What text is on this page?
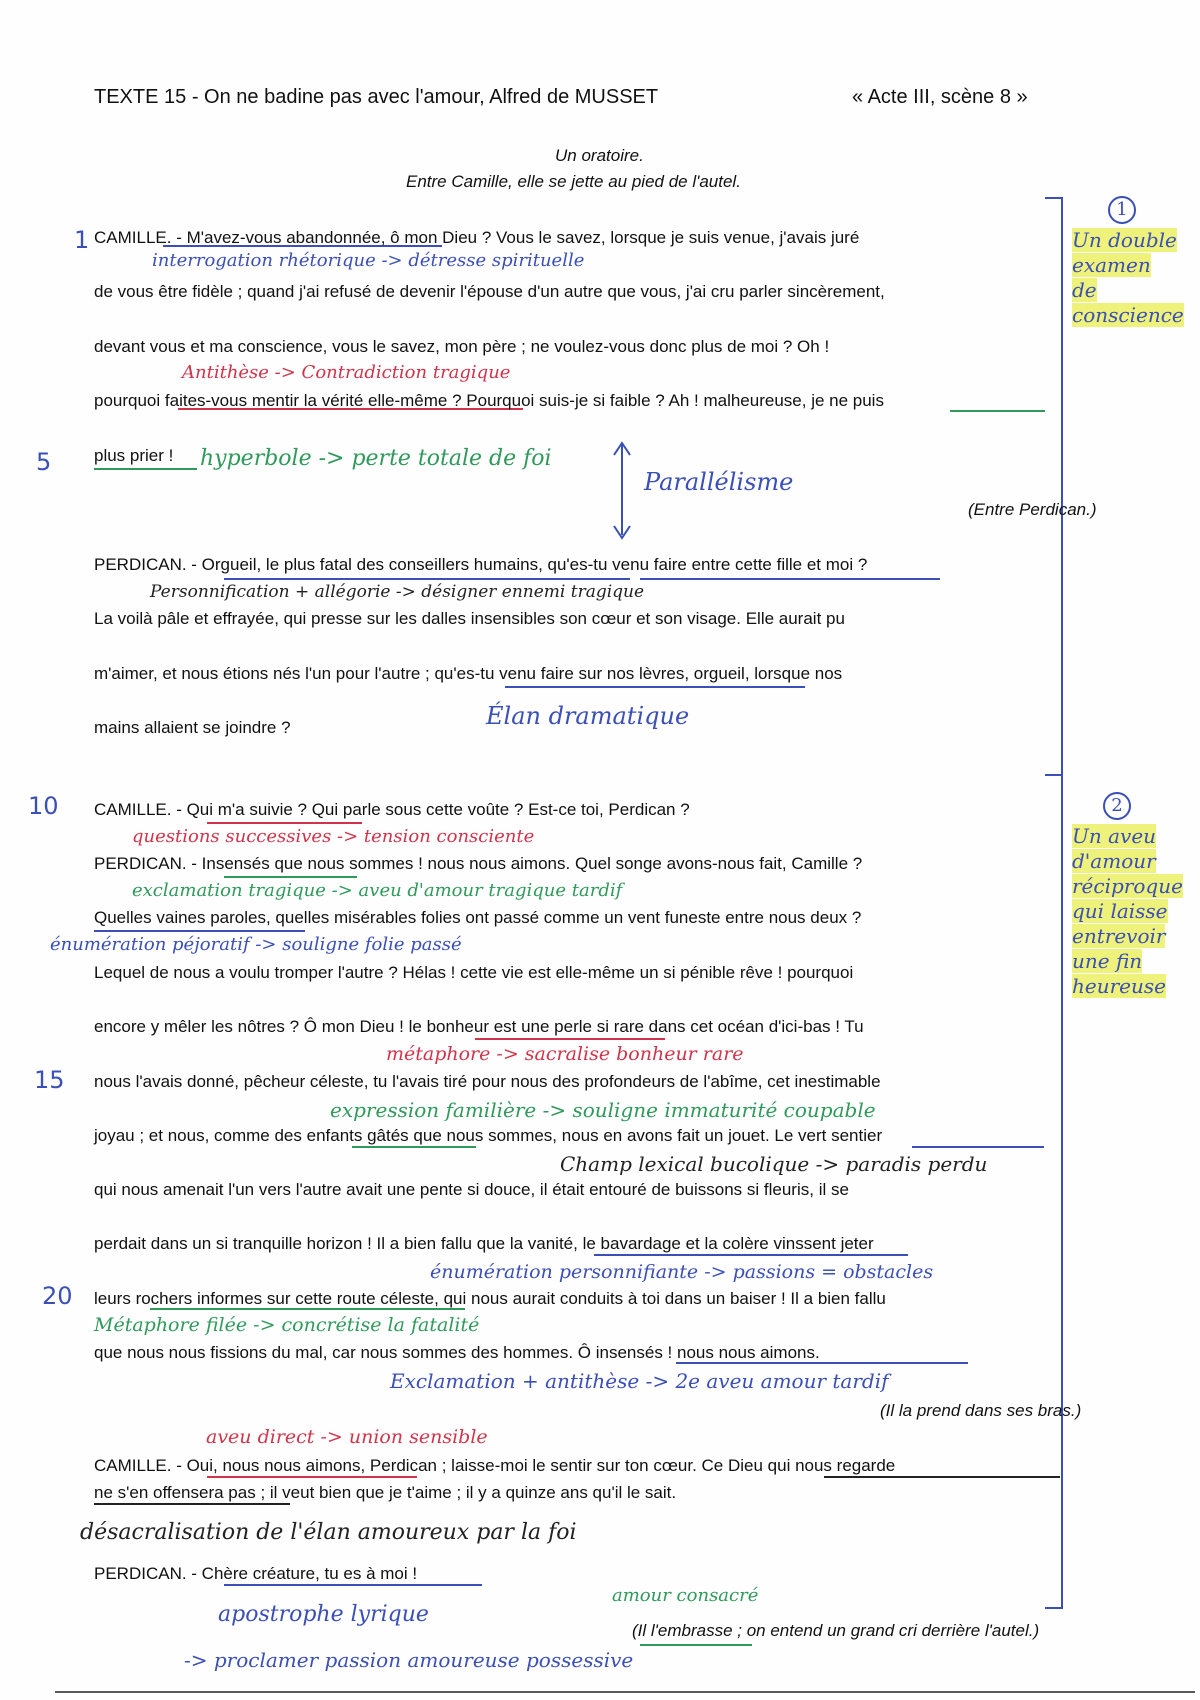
TEXTE 15 - On ne badine pas avec l'amour, Alfred de MUSSET	« Acte III, scène 8 »
Un oratoire.
Entre Camille, elle se jette au pied de l'autel.
1
5
10
15
20
CAMILLE. - M'avez-vous abandonnée, ô mon Dieu ? Vous le savez, lorsque je suis venue, j'avais juré
de vous être fidèle ; quand j'ai refusé de devenir l'épouse d'un autre que vous, j'ai cru parler sincèrement,
devant vous et ma conscience, vous le savez, mon père ; ne voulez-vous donc plus de moi ? Oh !
pourquoi faites-vous mentir la vérité elle-même ? Pourquoi suis-je si faible ? Ah ! malheureuse, je ne puis
plus prier !
(Entre Perdican.)
PERDICAN. - Orgueil, le plus fatal des conseillers humains, qu'es-tu venu faire entre cette fille et moi ?
La voilà pâle et effrayée, qui presse sur les dalles insensibles son cœur et son visage. Elle aurait pu
m'aimer, et nous étions nés l'un pour l'autre ; qu'es-tu venu faire sur nos lèvres, orgueil, lorsque nos
mains allaient se joindre ?
CAMILLE. - Qui m'a suivie ? Qui parle sous cette voûte ? Est-ce toi, Perdican ?
PERDICAN. - Insensés que nous sommes ! nous nous aimons. Quel songe avons-nous fait, Camille ?
Quelles vaines paroles, quelles misérables folies ont passé comme un vent funeste entre nous deux ?
Lequel de nous a voulu tromper l'autre ? Hélas ! cette vie est elle-même un si pénible rêve ! pourquoi
encore y mêler les nôtres ? Ô mon Dieu ! le bonheur est une perle si rare dans cet océan d'ici-bas ! Tu
nous l'avais donné, pêcheur céleste, tu l'avais tiré pour nous des profondeurs de l'abîme, cet inestimable
joyau ; et nous, comme des enfants gâtés que nous sommes, nous en avons fait un jouet. Le vert sentier
qui nous amenait l'un vers l'autre avait une pente si douce, il était entouré de buissons si fleuris, il se
perdait dans un si tranquille horizon ! Il a bien fallu que la vanité, le bavardage et la colère vinssent jeter
leurs rochers informes sur cette route céleste, qui nous aurait conduits à toi dans un baiser ! Il a bien fallu
que nous nous fissions du mal, car nous sommes des hommes. Ô insensés ! nous nous aimons.
(Il la prend dans ses bras.)
CAMILLE. - Oui, nous nous aimons, Perdican ; laisse-moi le sentir sur ton cœur. Ce Dieu qui nous regarde
ne s'en offensera pas ; il veut bien que je t'aime ; il y a quinze ans qu'il le sait.
PERDICAN. - Chère créature, tu es à moi !
(Il l'embrasse ; on entend un grand cri derrière l'autel.)
interrogation rhétorique -> détresse spirituelle
Antithèse -> Contradiction tragique
hyperbole -> perte totale de foi
Parallélisme
Personnification + allégorie -> désigner ennemi tragique
Élan dramatique
questions successives -> tension consciente
exclamation tragique -> aveu d'amour tragique tardif
énumération péjoratif -> souligne folie passé
métaphore -> sacralise bonheur rare
expression familière -> souligne immaturité coupable
Champ lexical bucolique -> paradis perdu
énumération personnifiante -> passions = obstacles
Métaphore filée -> concrétise la fatalité
Exclamation + antithèse -> 2e aveu amour tardif
aveu direct -> union sensible
désacralisation de l'élan amoureux par la foi
amour consacré
apostrophe lyrique
-> proclamer passion amoureuse possessive
1
Un double
examen
de
conscience
2
Un aveu
d'amour
réciproque
qui laisse
entrevoir
une fin
heureuse
